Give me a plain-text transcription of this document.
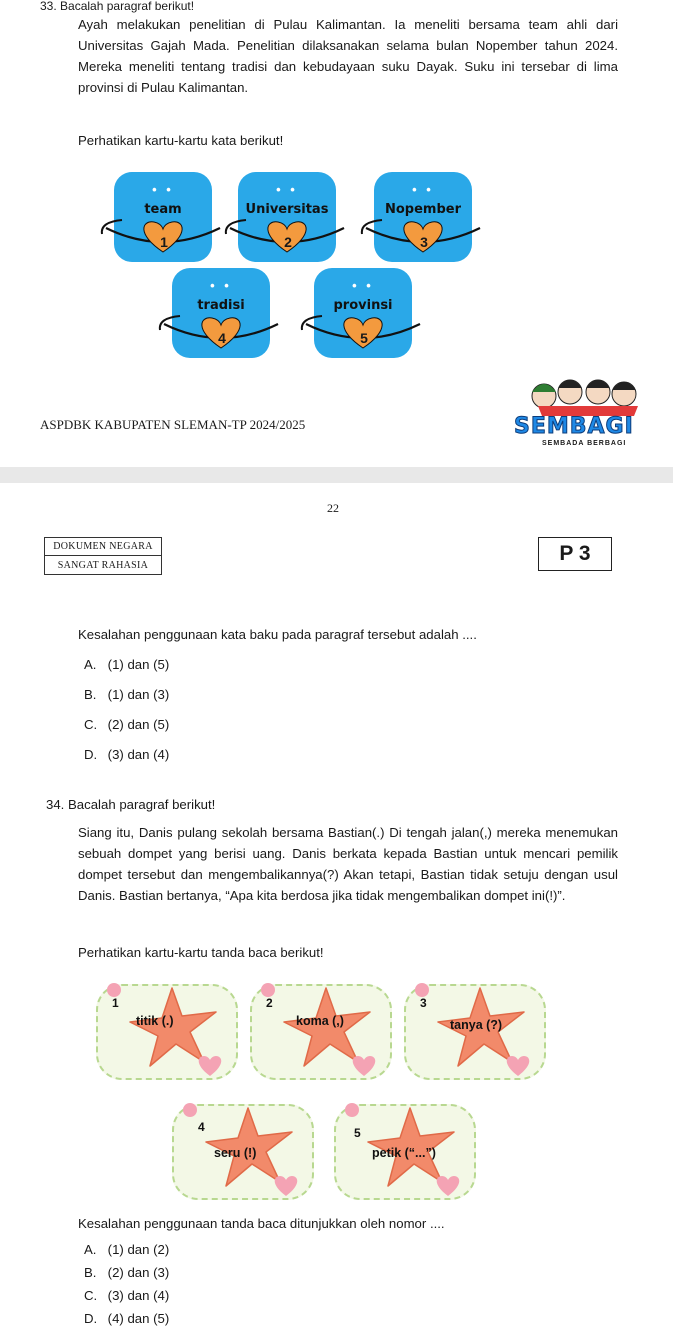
33. Bacalah paragraf berikut!
Ayah melakukan penelitian di Pulau Kalimantan. Ia meneliti bersama team ahli dari
Universitas Gajah Mada. Penelitian dilaksanakan selama bulan Nopember tahun 2024.
Mereka meneliti tentang tradisi dan kebudayaan suku Dayak. Suku ini tersebar di lima
provinsi di Pulau Kalimantan.
Perhatikan kartu-kartu kata berikut!
• •
team
1
• •
Universitas
2
• •
Nopember
3
• •
tradisi
4
• •
provinsi
5
ASPDBK KABUPATEN SLEMAN-TP 2024/2025	SEMBAGI
SEMBADA BERBAGI
22
DOKUMEN NEGARA
SANGAT RAHASIA
P 3
Kesalahan penggunaan kata baku pada paragraf tersebut adalah ....
A. (1) dan (5)
B. (1) dan (3)
C. (2) dan (5)
D. (3) dan (4)
34. Bacalah paragraf berikut!
Siang itu, Danis pulang sekolah bersama Bastian(.) Di tengah jalan(,) mereka menemukan
sebuah dompet yang berisi uang. Danis berkata kepada Bastian untuk mencari pemilik
dompet tersebut dan mengembalikannya(?) Akan tetapi, Bastian tidak setuju dengan usul
Danis. Bastian bertanya, “Apa kita berdosa jika tidak mengembalikan dompet ini(!)”.
Perhatikan kartu-kartu tanda baca berikut!
1
titik (.)
2
koma (,)
3
tanya (?)
4
seru (!)
5
petik (“...”)
Kesalahan penggunaan tanda baca ditunjukkan oleh nomor ....
A. (1) dan (2)
B. (2) dan (3)
C. (3) dan (4)
D. (4) dan (5)
